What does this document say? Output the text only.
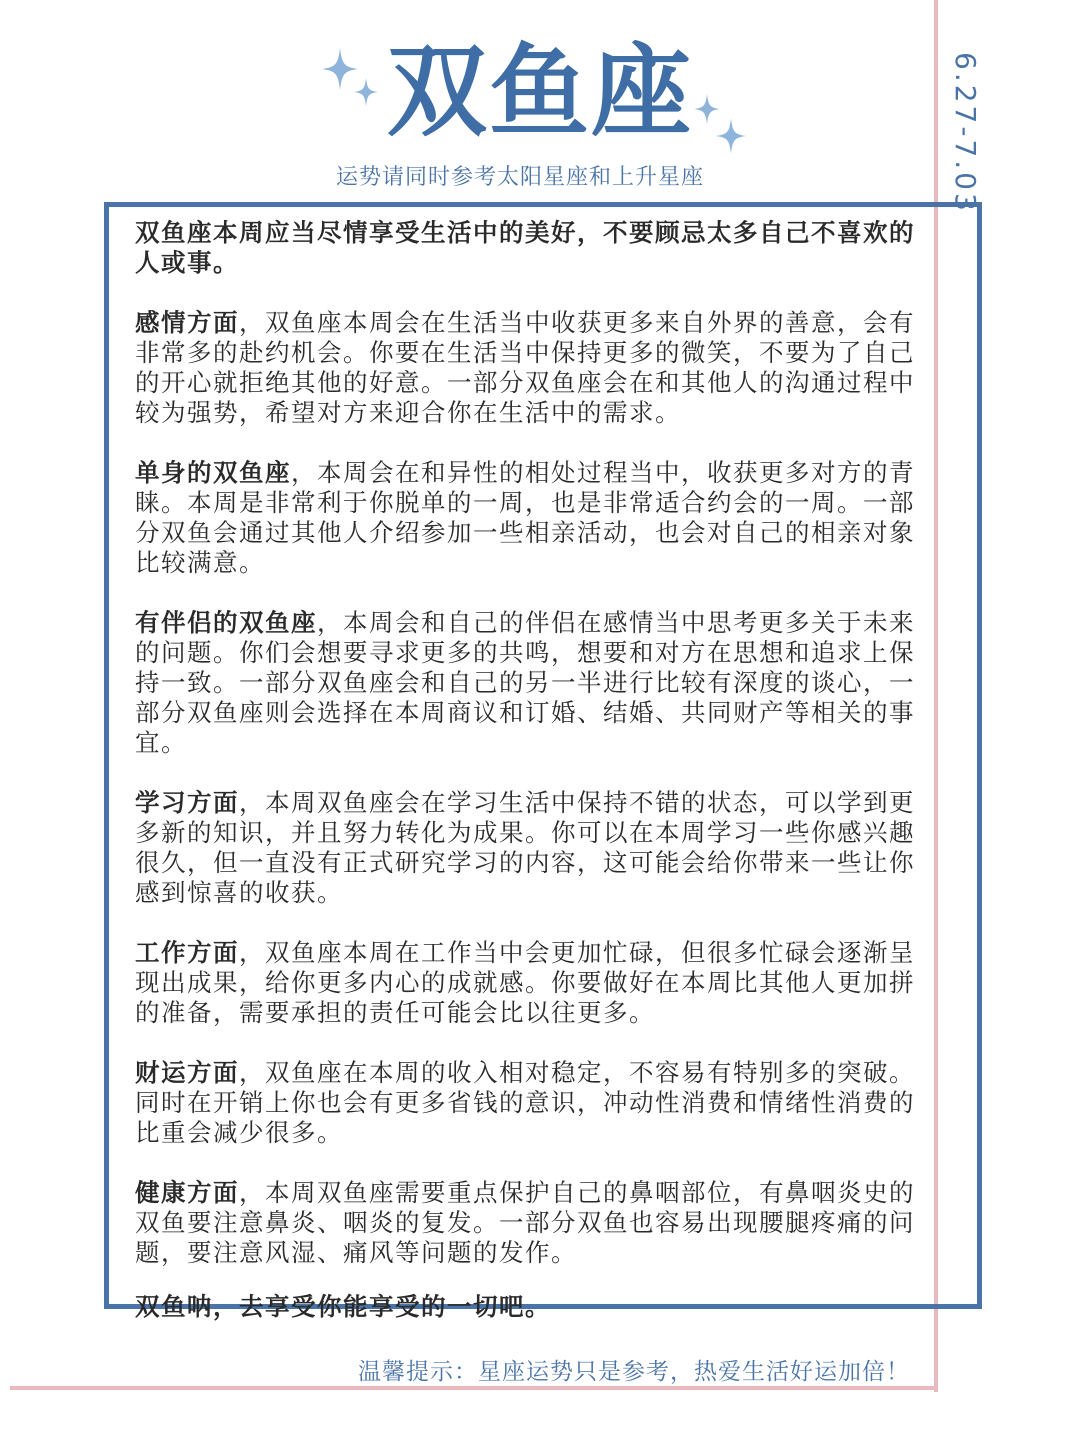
6.27-7.03
双鱼座
运势请同时参考太阳星座和上升星座

双鱼座本周应当尽情享受生活中的美好，不要顾忌太多自己不喜欢的人或事。

感情方面，双鱼座本周会在生活当中收获更多来自外界的善意，会有非常多的赴约机会。你要在生活当中保持更多的微笑，不要为了自己的开心就拒绝其他的好意。一部分双鱼座会在和其他人的沟通过程中较为强势，希望对方来迎合你在生活中的需求。

单身的双鱼座，本周会在和异性的相处过程当中，收获更多对方的青睐。本周是非常利于你脱单的一周，也是非常适合约会的一周。一部分双鱼会通过其他人介绍参加一些相亲活动，也会对自己的相亲对象比较满意。

有伴侣的双鱼座，本周会和自己的伴侣在感情当中思考更多关于未来的问题。你们会想要寻求更多的共鸣，想要和对方在思想和追求上保持一致。一部分双鱼座会和自己的另一半进行比较有深度的谈心，一部分双鱼座则会选择在本周商议和订婚、结婚、共同财产等相关的事宜。

学习方面，本周双鱼座会在学习生活中保持不错的状态，可以学到更多新的知识，并且努力转化为成果。你可以在本周学习一些你感兴趣很久，但一直没有正式研究学习的内容，这可能会给你带来一些让你感到惊喜的收获。

工作方面，双鱼座本周在工作当中会更加忙碌，但很多忙碌会逐渐呈现出成果，给你更多内心的成就感。你要做好在本周比其他人更加拼的准备，需要承担的责任可能会比以往更多。

财运方面，双鱼座在本周的收入相对稳定，不容易有特别多的突破。同时在开销上你也会有更多省钱的意识，冲动性消费和情绪性消费的比重会减少很多。

健康方面，本周双鱼座需要重点保护自己的鼻咽部位，有鼻咽炎史的双鱼要注意鼻炎、咽炎的复发。一部分双鱼也容易出现腰腿疼痛的问题，要注意风湿、痛风等问题的发作。

双鱼呐，去享受你能享受的一切吧。

温馨提示：星座运势只是参考，热爱生活好运加倍！
